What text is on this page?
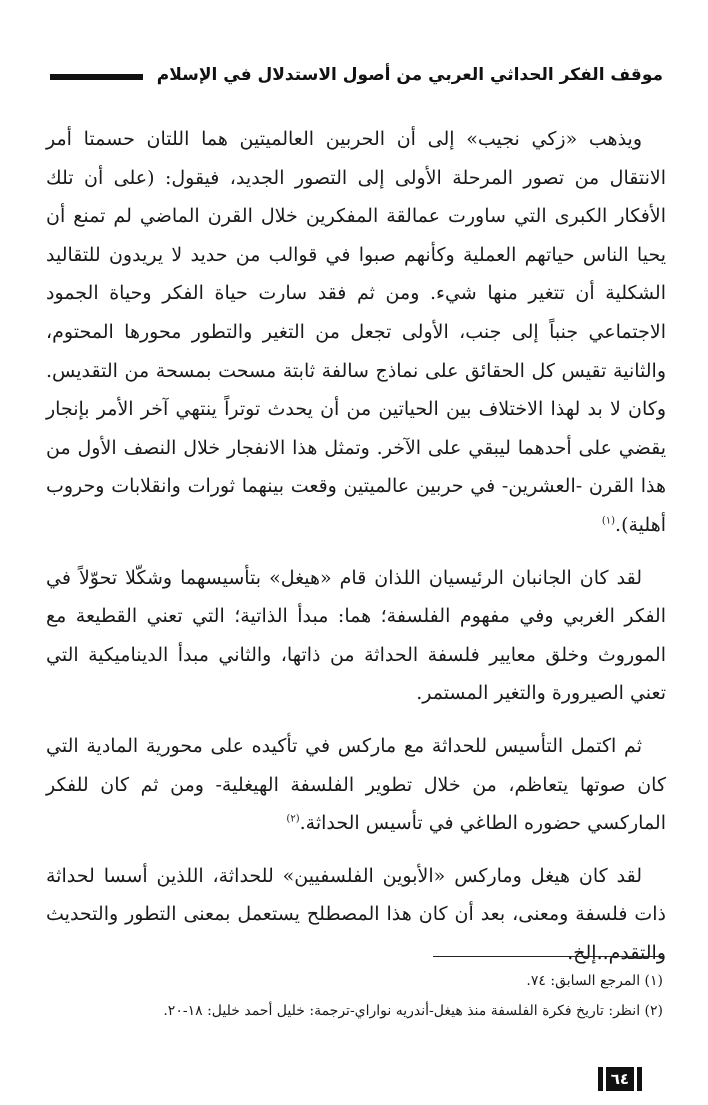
موقف الفكر الحداثي العربي من أصول الاستدلال في الإسلام

ويذهب «زكي نجيب» إلى أن الحربين العالميتين هما اللتان حسمتا أمر الانتقال من تصور المرحلة الأولى إلى التصور الجديد، فيقول: (على أن تلك الأفكار الكبرى التي ساورت عمالقة المفكرين خلال القرن الماضي لم تمنع أن يحيا الناس حياتهم العملية وكأنهم صبوا في قوالب من حديد لا يريدون للتقاليد الشكلية أن تتغير منها شيء. ومن ثم فقد سارت حياة الفكر وحياة الجمود الاجتماعي جنباً إلى جنب، الأولى تجعل من التغير والتطور محورها المحتوم، والثانية تقيس كل الحقائق على نماذج سالفة ثابتة مسحت بمسحة من التقديس. وكان لا بد لهذا الاختلاف بين الحياتين من أن يحدث توتراً ينتهي آخر الأمر بإنجار يقضي على أحدهما ليبقي على الآخر. وتمثل هذا الانفجار خلال النصف الأول من هذا القرن -العشرين- في حربين عالميتين وقعت بينهما ثورات وانقلابات وحروب أهلية).$^{(١)}$

لقد كان الجانبان الرئيسيان اللذان قام «هيغل» بتأسيسهما وشكّلا تحوّلاً في الفكر الغربي وفي مفهوم الفلسفة؛ هما: مبدأ الذاتية؛ التي تعني القطيعة مع الموروث وخلق معايير فلسفة الحداثة من ذاتها، والثاني مبدأ الديناميكية التي تعني الصيرورة والتغير المستمر.

ثم اكتمل التأسيس للحداثة مع ماركس في تأكيده على محورية المادية التي كان صوتها يتعاظم، من خلال تطوير الفلسفة الهيغلية- ومن ثم كان للفكر الماركسي حضوره الطاغي في تأسيس الحداثة.$^{(٢)}$

لقد كان هيغل وماركس «الأبوين الفلسفيين» للحداثة، اللذين أسسا لحداثة ذات فلسفة ومعنى، بعد أن كان هذا المصطلح يستعمل بمعنى التطور والتحديث والتقدم..إلخ.

(١) المرجع السابق: ٧٤.
(٢) انظر: تاريخ فكرة الفلسفة منذ هيغل-أندريه نواراي-ترجمة: خليل أحمد خليل: ١٨-٢٠.
٦٤
